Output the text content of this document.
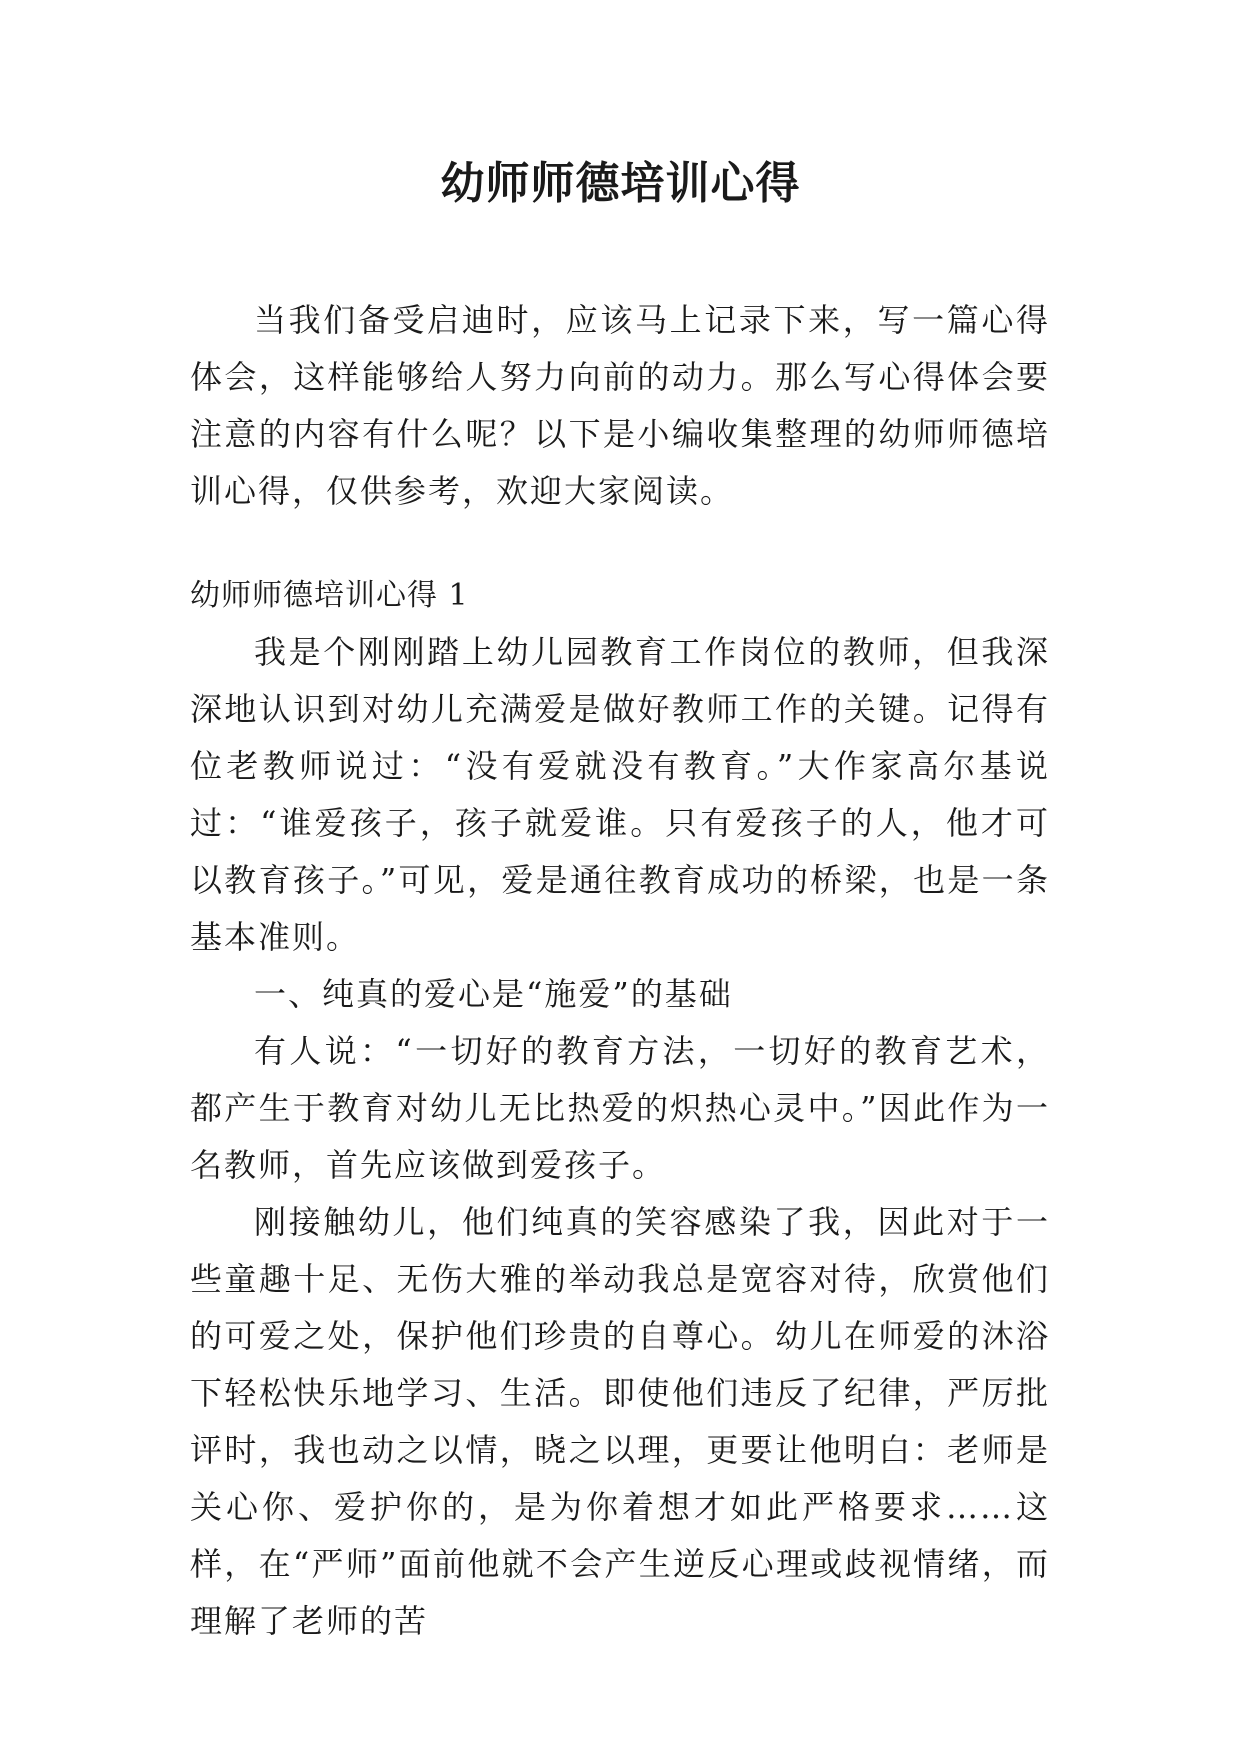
幼师师德培训心得

当我们备受启迪时，应该马上记录下来，写一篇心得体会，这样能够给人努力向前的动力。那么写心得体会要注意的内容有什么呢？以下是小编收集整理的幼师师德培训心得，仅供参考，欢迎大家阅读。

幼师师德培训心得 1

我是个刚刚踏上幼儿园教育工作岗位的教师，但我深深地认识到对幼儿充满爱是做好教师工作的关键。记得有位老教师说过：“没有爱就没有教育。”大作家高尔基说过：“谁爱孩子，孩子就爱谁。只有爱孩子的人，他才可以教育孩子。”可见，爱是通往教育成功的桥梁，也是一条基本准则。

一、纯真的爱心是“施爱”的基础

有人说：“一切好的教育方法，一切好的教育艺术，都产生于教育对幼儿无比热爱的炽热心灵中。”因此作为一名教师，首先应该做到爱孩子。

刚接触幼儿，他们纯真的笑容感染了我，因此对于一些童趣十足、无伤大雅的举动我总是宽容对待，欣赏他们的可爱之处，保护他们珍贵的自尊心。幼儿在师爱的沐浴下轻松快乐地学习、生活。即使他们违反了纪律，严厉批评时，我也动之以情，晓之以理，更要让他明白：老师是关心你、爱护你的，是为你着想才如此严格要求……这样，在“严师”面前他就不会产生逆反心理或歧视情绪，而理解了老师的苦
